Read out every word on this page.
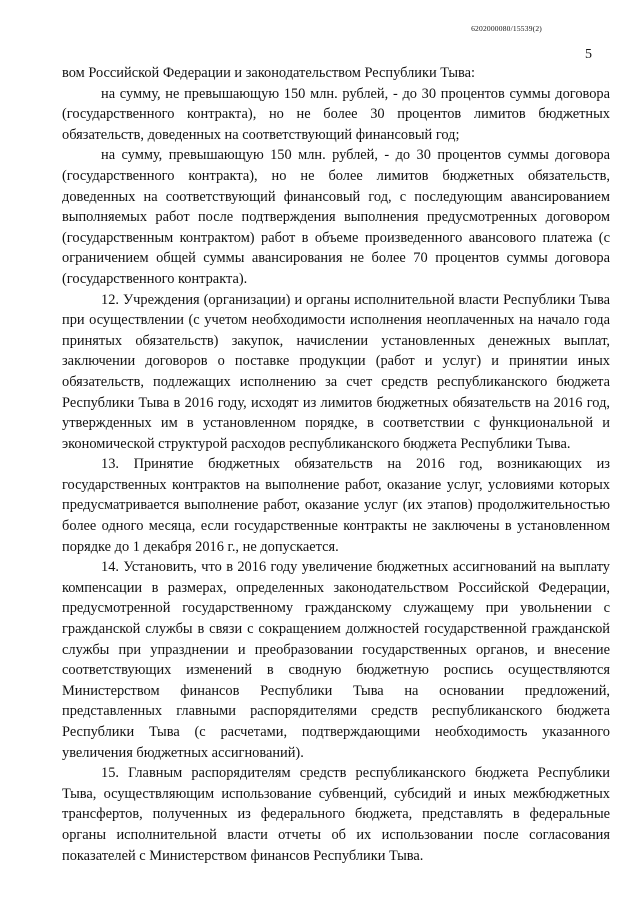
6202000080/15539(2)
5

вом Российской Федерации и законодательством Республики Тыва:

на сумму, не превышающую 150 млн. рублей, - до 30 процентов суммы договора (государственного контракта), но не более 30 процентов лимитов бюджетных обязательств, доведенных на соответствующий финансовый год;

на сумму, превышающую 150 млн. рублей, - до 30 процентов суммы договора (государственного контракта), но не более лимитов бюджетных обязательств, доведенных на соответствующий финансовый год, с последующим авансированием выполняемых работ после подтверждения выполнения предусмотренных договором (государственным контрактом) работ в объеме произведенного авансового платежа (с ограничением общей суммы авансирования не более 70 процентов суммы договора (государственного контракта).

12. Учреждения (организации) и органы исполнительной власти Республики Тыва при осуществлении (с учетом необходимости исполнения неоплаченных на начало года принятых обязательств) закупок, начислении установленных денежных выплат, заключении договоров о поставке продукции (работ и услуг) и принятии иных обязательств, подлежащих исполнению за счет средств республиканского бюджета Республики Тыва в 2016 году, исходят из лимитов бюджетных обязательств на 2016 год, утвержденных им в установленном порядке, в соответствии с функциональной и экономической структурой расходов республиканского бюджета Республики Тыва.

13. Принятие бюджетных обязательств на 2016 год, возникающих из государственных контрактов на выполнение работ, оказание услуг, условиями которых предусматривается выполнение работ, оказание услуг (их этапов) продолжительностью более одного месяца, если государственные контракты не заключены в установленном порядке до 1 декабря 2016 г., не допускается.

14. Установить, что в 2016 году увеличение бюджетных ассигнований на выплату компенсации в размерах, определенных законодательством Российской Федерации, предусмотренной государственному гражданскому служащему при увольнении с гражданской службы в связи с сокращением должностей государственной гражданской службы при упразднении и преобразовании государственных органов, и внесение соответствующих изменений в сводную бюджетную роспись осуществляются Министерством финансов Республики Тыва на основании предложений, представленных главными распорядителями средств республиканского бюджета Республики Тыва (с расчетами, подтверждающими необходимость указанного увеличения бюджетных ассигнований).

15. Главным распорядителям средств республиканского бюджета Республики Тыва, осуществляющим использование субвенций, субсидий и иных межбюджетных трансфертов, полученных из федерального бюджета, представлять в федеральные органы исполнительной власти отчеты об их использовании после согласования показателей с Министерством финансов Республики Тыва.
